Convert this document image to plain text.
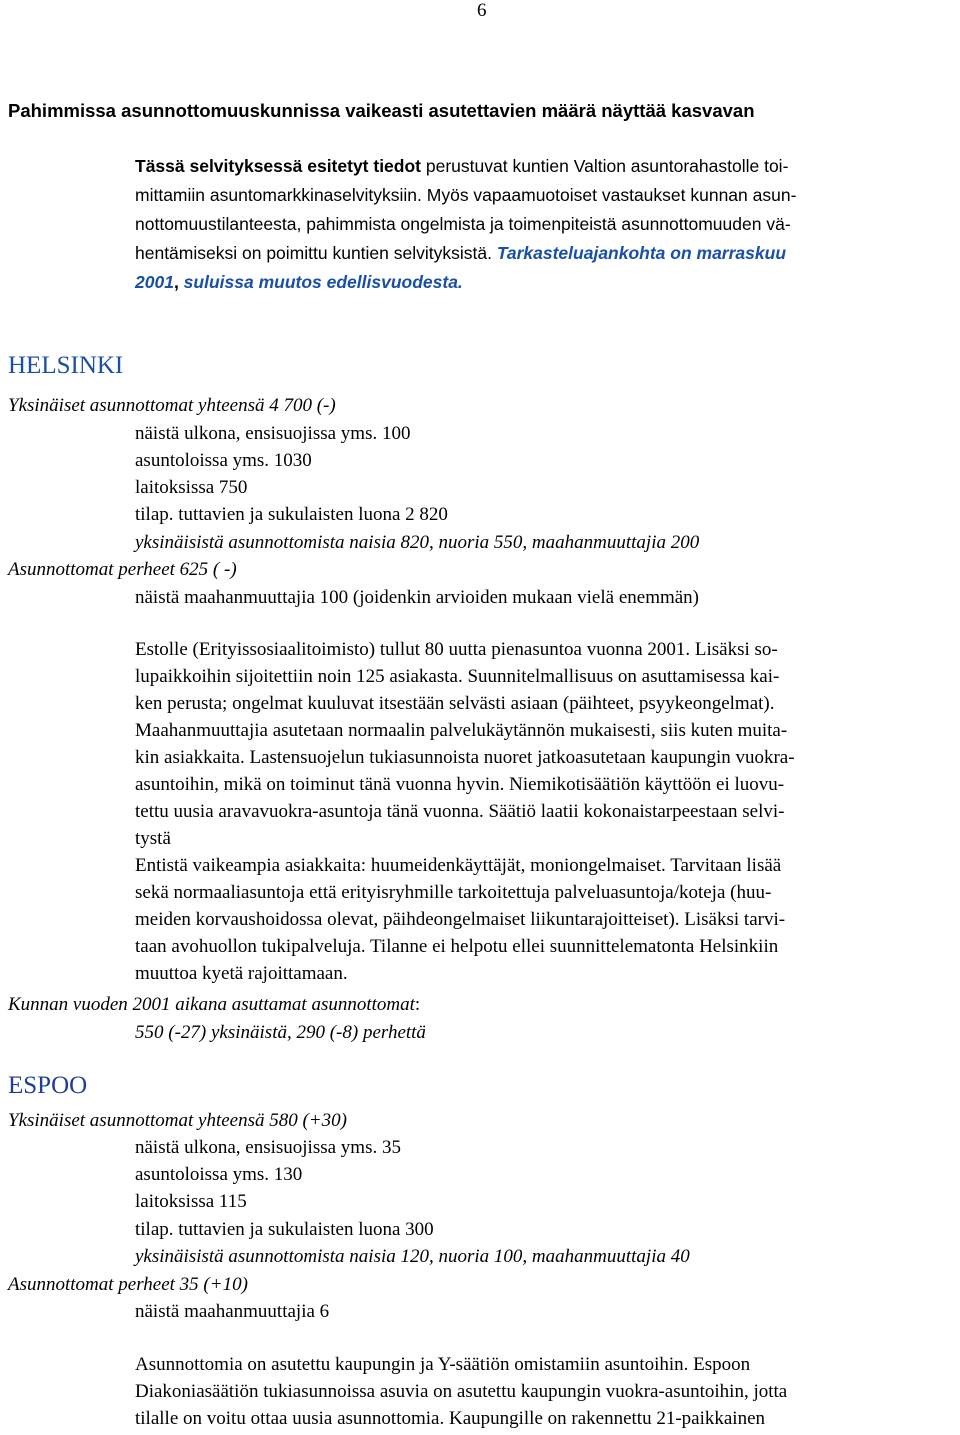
6
Pahimmissa asunnottomuuskunnissa vaikeasti asutettavien määrä näyttää kasvavan
Tässä selvityksessä esitetyt tiedot perustuvat kuntien Valtion asuntorahastolle toi-
mittamiin asuntomarkkinaselvityksiin. Myös vapaamuotoiset vastaukset kunnan asun-
nottomuustilanteesta, pahimmista ongelmista ja toimenpiteistä asunnottomuuden vä-
hentämiseksi on poimittu kuntien selvityksistä. Tarkasteluajankohta on marraskuu
2001, suluissa muutos edellisvuodesta.
HELSINKI
Yksinäiset asunnottomat yhteensä 4 700 (-)
näistä ulkona, ensisuojissa yms. 100
asuntoloissa yms. 1030
laitoksissa 750
tilap. tuttavien ja sukulaisten luona 2 820
yksinäisistä asunnottomista naisia 820, nuoria 550, maahanmuuttajia 200
Asunnottomat perheet 625 ( -)
näistä maahanmuuttajia 100 (joidenkin arvioiden mukaan vielä enemmän)
Estolle (Erityissosiaalitoimisto) tullut 80 uutta pienasuntoa vuonna 2001. Lisäksi so-
lupaikkoihin sijoitettiin noin 125 asiakasta. Suunnitelmallisuus on asuttamisessa kai-
ken perusta; ongelmat kuuluvat itsestään selvästi asiaan (päihteet, psyykeongelmat).
Maahanmuuttajia asutetaan normaalin palvelukäytännön mukaisesti, siis kuten muita-
kin asiakkaita. Lastensuojelun tukiasunnoista nuoret jatkoasutetaan kaupungin vuokra-
asuntoihin, mikä on toiminut tänä vuonna hyvin. Niemikotisäätiön käyttöön ei luovu-
tettu uusia aravavuokra-asuntoja tänä vuonna. Säätiö laatii kokonaistarpeestaan selvi-
tystä
Entistä vaikeampia asiakkaita: huumeidenkäyttäjät, moniongelmaiset. Tarvitaan lisää
sekä normaaliasuntoja että erityisryhmille tarkoitettuja palveluasuntoja/koteja (huu-
meiden korvaushoidossa olevat, päihdeongelmaiset liikuntarajoitteiset). Lisäksi tarvi-
taan avohuollon tukipalveluja. Tilanne ei helpotu ellei suunnittelematonta Helsinkiin
muuttoa kyetä rajoittamaan.
Kunnan vuoden 2001 aikana asuttamat asunnottomat:
550 (-27) yksinäistä, 290 (-8) perhettä
ESPOO
Yksinäiset asunnottomat yhteensä 580 (+30)
näistä ulkona, ensisuojissa yms. 35
asuntoloissa yms. 130
laitoksissa 115
tilap. tuttavien ja sukulaisten luona 300
yksinäisistä asunnottomista naisia 120, nuoria 100, maahanmuuttajia 40
Asunnottomat perheet 35 (+10)
näistä maahanmuuttajia 6
Asunnottomia on asutettu kaupungin ja Y-säätiön omistamiin asuntoihin. Espoon
Diakoniasäätiön tukiasunnoissa asuvia on asutettu kaupungin vuokra-asuntoihin, jotta
tilalle on voitu ottaa uusia asunnottomia. Kaupungille on rakennettu 21-paikkainen
